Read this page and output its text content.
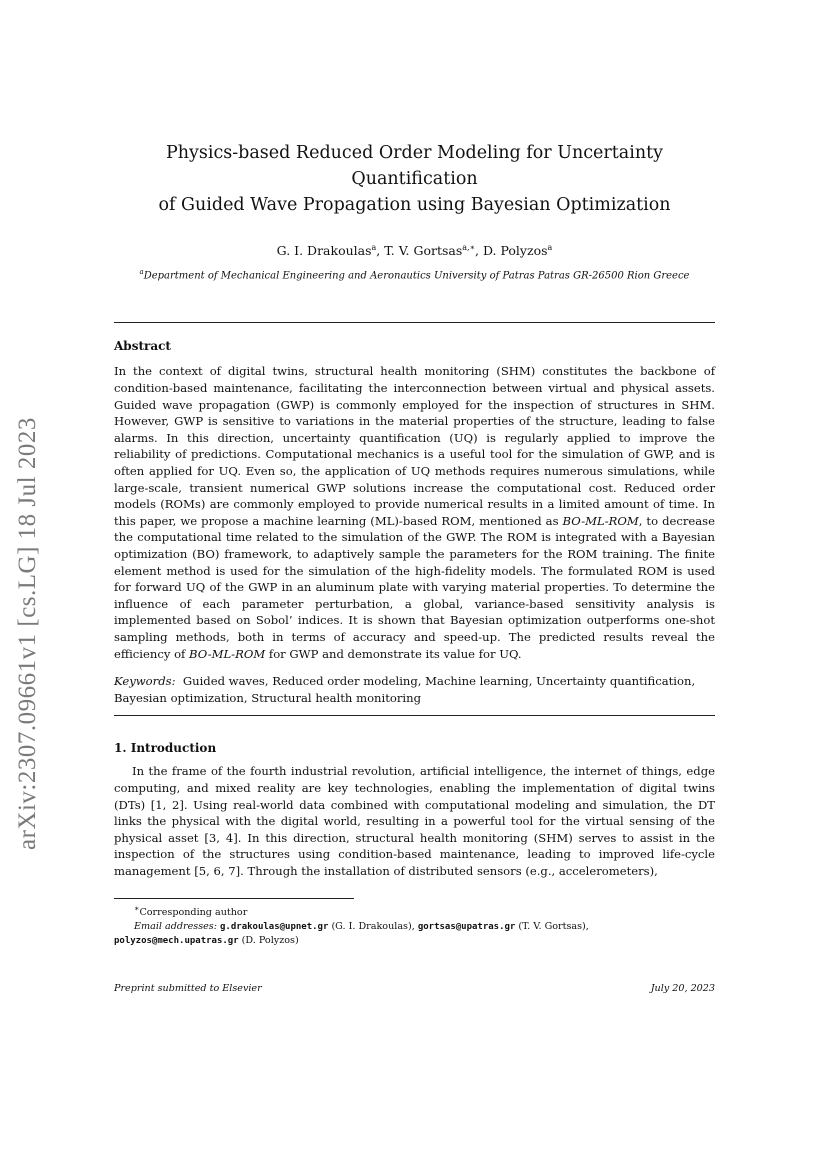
arXiv:2307.09661v1 [cs.LG] 18 Jul 2023
Physics-based Reduced Order Modeling for Uncertainty Quantification
of Guided Wave Propagation using Bayesian Optimization
G. I. Drakoulas$^a$, T. V. Gortsas$^{a,∗}$, D. Polyzos$^a$
$^a$Department of Mechanical Engineering and Aeronautics University of Patras Patras GR-26500 Rion Greece
Abstract
In the context of digital twins, structural health monitoring (SHM) constitutes the backbone of condition-based maintenance, facilitating the interconnection between virtual and physical assets. Guided wave propagation (GWP) is commonly employed for the inspection of structures in SHM. However, GWP is sensitive to variations in the material properties of the structure, leading to false alarms. In this direction, uncertainty quantification (UQ) is regularly applied to improve the reliability of predictions. Computational mechanics is a useful tool for the simulation of GWP, and is often applied for UQ. Even so, the application of UQ methods requires numerous simulations, while large-scale, transient numerical GWP solutions increase the computational cost. Reduced order models (ROMs) are commonly employed to provide numerical results in a limited amount of time. In this paper, we propose a machine learning (ML)-based ROM, mentioned as BO-ML-ROM, to decrease the computational time related to the simulation of the GWP. The ROM is integrated with a Bayesian optimization (BO) framework, to adaptively sample the parameters for the ROM training. The finite element method is used for the simulation of the high-fidelity models. The formulated ROM is used for forward UQ of the GWP in an aluminum plate with varying material properties. To determine the influence of each parameter perturbation, a global, variance-based sensitivity analysis is implemented based on Sobol’ indices. It is shown that Bayesian optimization outperforms one-shot sampling methods, both in terms of accuracy and speed-up. The predicted results reveal the efficiency of BO-ML-ROM for GWP and demonstrate its value for UQ.
Keywords: Guided waves, Reduced order modeling, Machine learning, Uncertainty quantification, Bayesian optimization, Structural health monitoring
1. Introduction
In the frame of the fourth industrial revolution, artificial intelligence, the internet of things, edge computing, and mixed reality are key technologies, enabling the implementation of digital twins (DTs) [1, 2]. Using real-world data combined with computational modeling and simulation, the DT links the physical with the digital world, resulting in a powerful tool for the virtual sensing of the physical asset [3, 4]. In this direction, structural health monitoring (SHM) serves to assist in the inspection of the structures using condition-based maintenance, leading to improved life-cycle management [5, 6, 7]. Through the installation of distributed sensors (e.g., accelerometers),
∗Corresponding author
Email addresses: g.drakoulas@upnet.gr (G. I. Drakoulas), gortsas@upatras.gr (T. V. Gortsas),
polyzos@mech.upatras.gr (D. Polyzos)
Preprint submitted to Elsevier	July 20, 2023
